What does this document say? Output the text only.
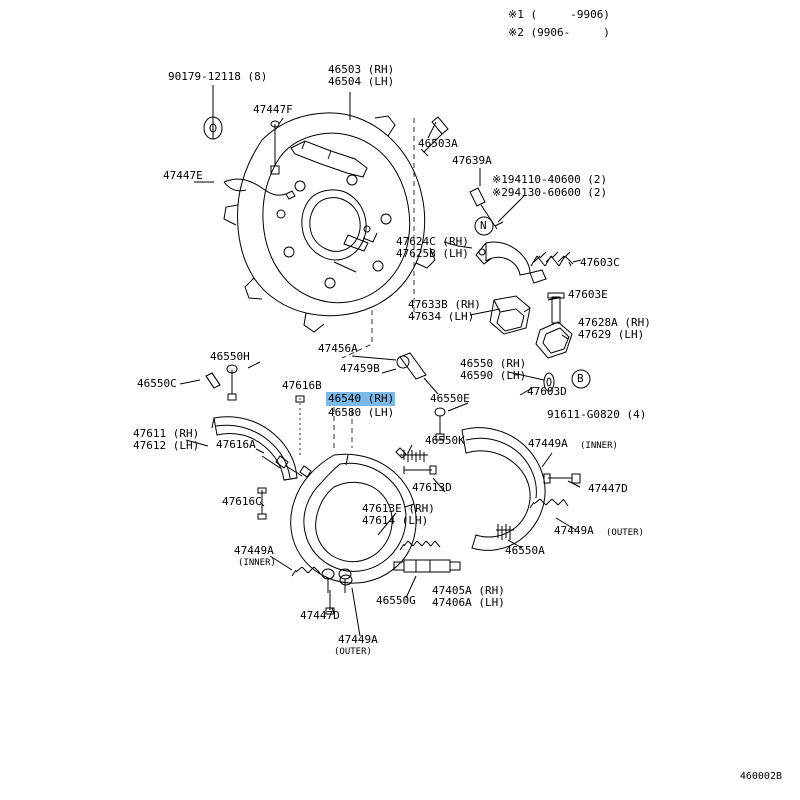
※1 (     -9906)
※2 (9906-     )
90179-12118 (8)
46503 (RH)
46504 (LH)
47447F
46503A
47639A
47447E	※194110-40600 (2)
※294130-60600 (2)
47624C (RH)
47625B (LH)
47603C
47633B (RH)
47634 (LH)
47603E
47628A (RH)
47629 (LH)
46550H
47456A
46550C
47459B	46550 (RH)
46590 (LH)
47603D
47616B
91611-G0820 (4)
46550E
47611 (RH)
47612 (LH) 47616A	46550K	47449A (INNER)
47616C
47613D	47447D
47613E (RH)
47614 (LH)
47449A (OUTER)
46550A
47449A
(INNER)
46550G
47405A (RH)
47406A (LH)
47447D
47449A
(OUTER)
46580 (LH)
46540 (RH)
N
B
460002B
